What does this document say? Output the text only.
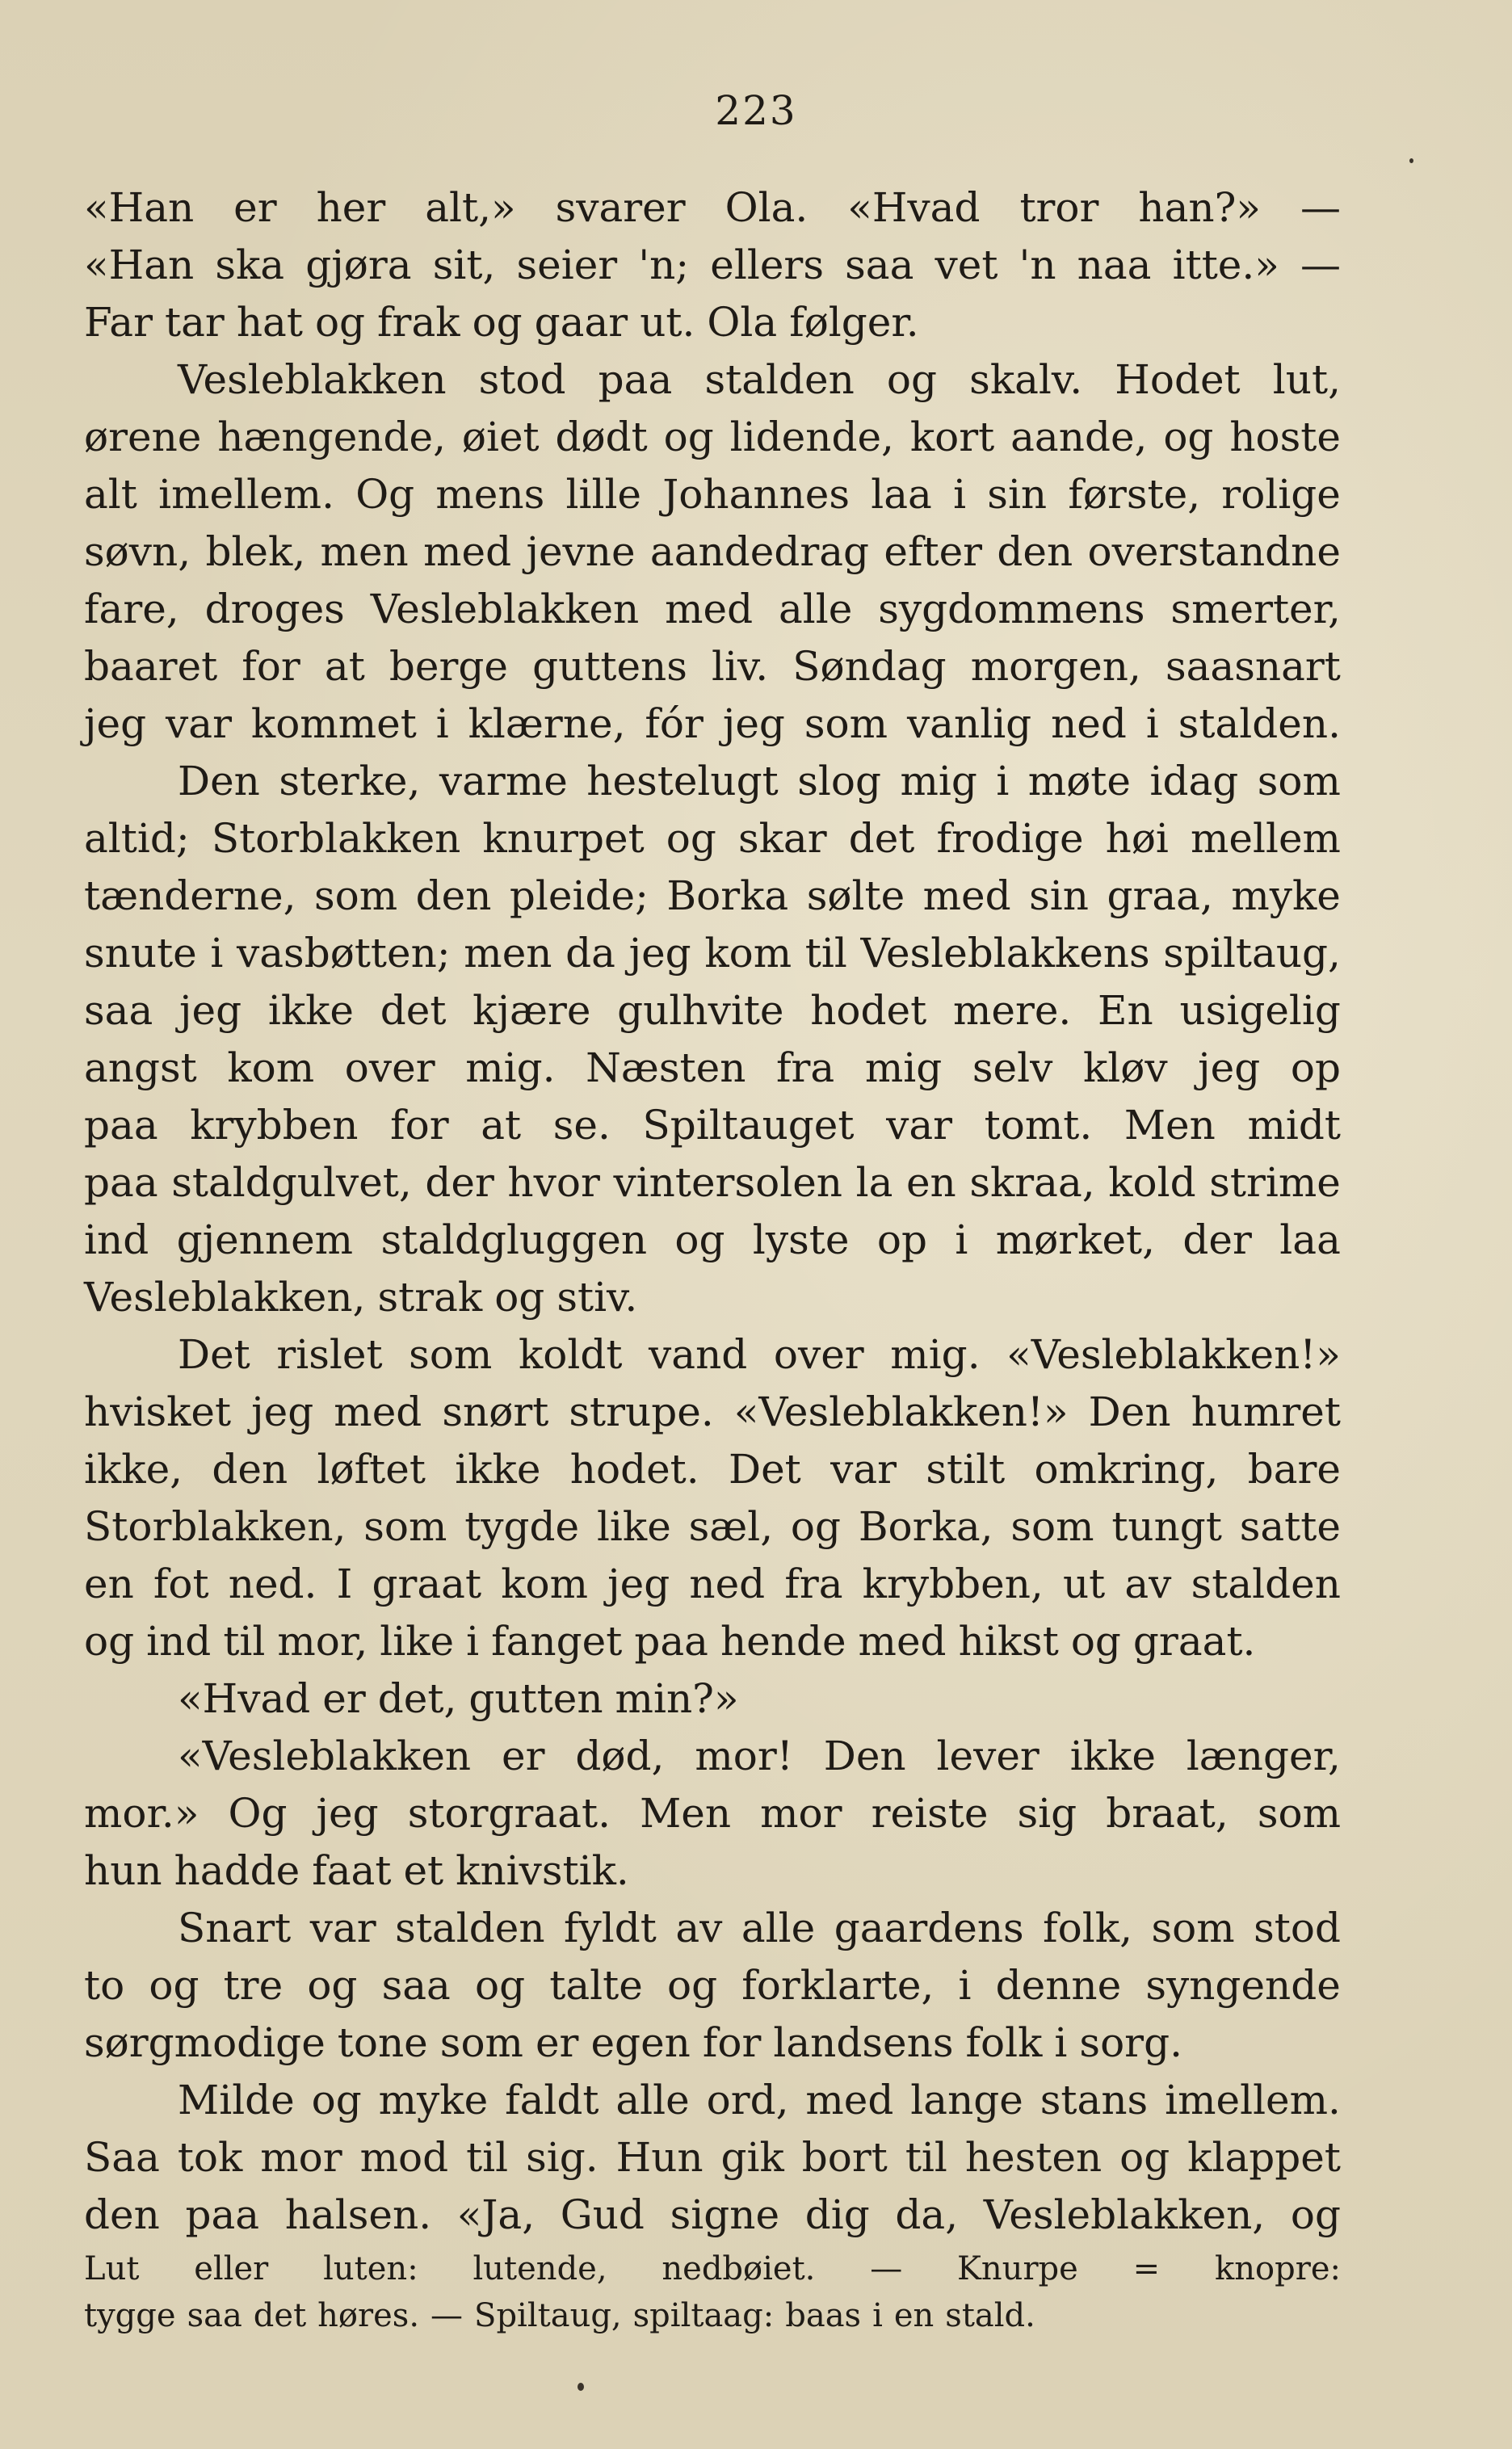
223
«Han er her alt,» svarer Ola. «Hvad tror han?» —
«Han ska gjøra sit, seier 'n; ellers saa vet 'n naa itte.» —
Far tar hat og frak og gaar ut. Ola følger.
Vesleblakken stod paa stalden og skalv. Hodet lut,
ørene hængende, øiet dødt og lidende, kort aande, og hoste
alt imellem. Og mens lille Johannes laa i sin første, rolige
søvn, blek, men med jevne aandedrag efter den overstandne
fare, droges Vesleblakken med alle sygdommens smerter,
baaret for at berge guttens liv. Søndag morgen, saasnart
jeg var kommet i klærne, fór jeg som vanlig ned i stalden.
Den sterke, varme hestelugt slog mig i møte idag som
altid; Storblakken knurpet og skar det frodige høi mellem
tænderne, som den pleide; Borka sølte med sin graa, myke
snute i vasbøtten; men da jeg kom til Vesleblakkens spiltaug,
saa jeg ikke det kjære gulhvite hodet mere. En usigelig
angst kom over mig. Næsten fra mig selv kløv jeg op
paa krybben for at se. Spiltauget var tomt. Men midt
paa staldgulvet, der hvor vintersolen la en skraa, kold strime
ind gjennem staldgluggen og lyste op i mørket, der laa
Vesleblakken, strak og stiv.
Det rislet som koldt vand over mig. «Vesleblakken!»
hvisket jeg med snørt strupe. «Vesleblakken!» Den humret
ikke, den løftet ikke hodet. Det var stilt omkring, bare
Storblakken, som tygde like sæl, og Borka, som tungt satte
en fot ned. I graat kom jeg ned fra krybben, ut av stalden
og ind til mor, like i fanget paa hende med hikst og graat.
«Hvad er det, gutten min?»
«Vesleblakken er død, mor! Den lever ikke længer,
mor.» Og jeg storgraat. Men mor reiste sig braat, som
hun hadde faat et knivstik.
Snart var stalden fyldt av alle gaardens folk, som stod
to og tre og saa og talte og forklarte, i denne syngende
sørgmodige tone som er egen for landsens folk i sorg.
Milde og myke faldt alle ord, med lange stans imellem.
Saa tok mor mod til sig. Hun gik bort til hesten og klappet
den paa halsen. «Ja, Gud signe dig da, Vesleblakken, og
Lut eller luten: lutende, nedbøiet. — Knurpe = knopre:
tygge saa det høres. — Spiltaug, spiltaag: baas i en stald.
